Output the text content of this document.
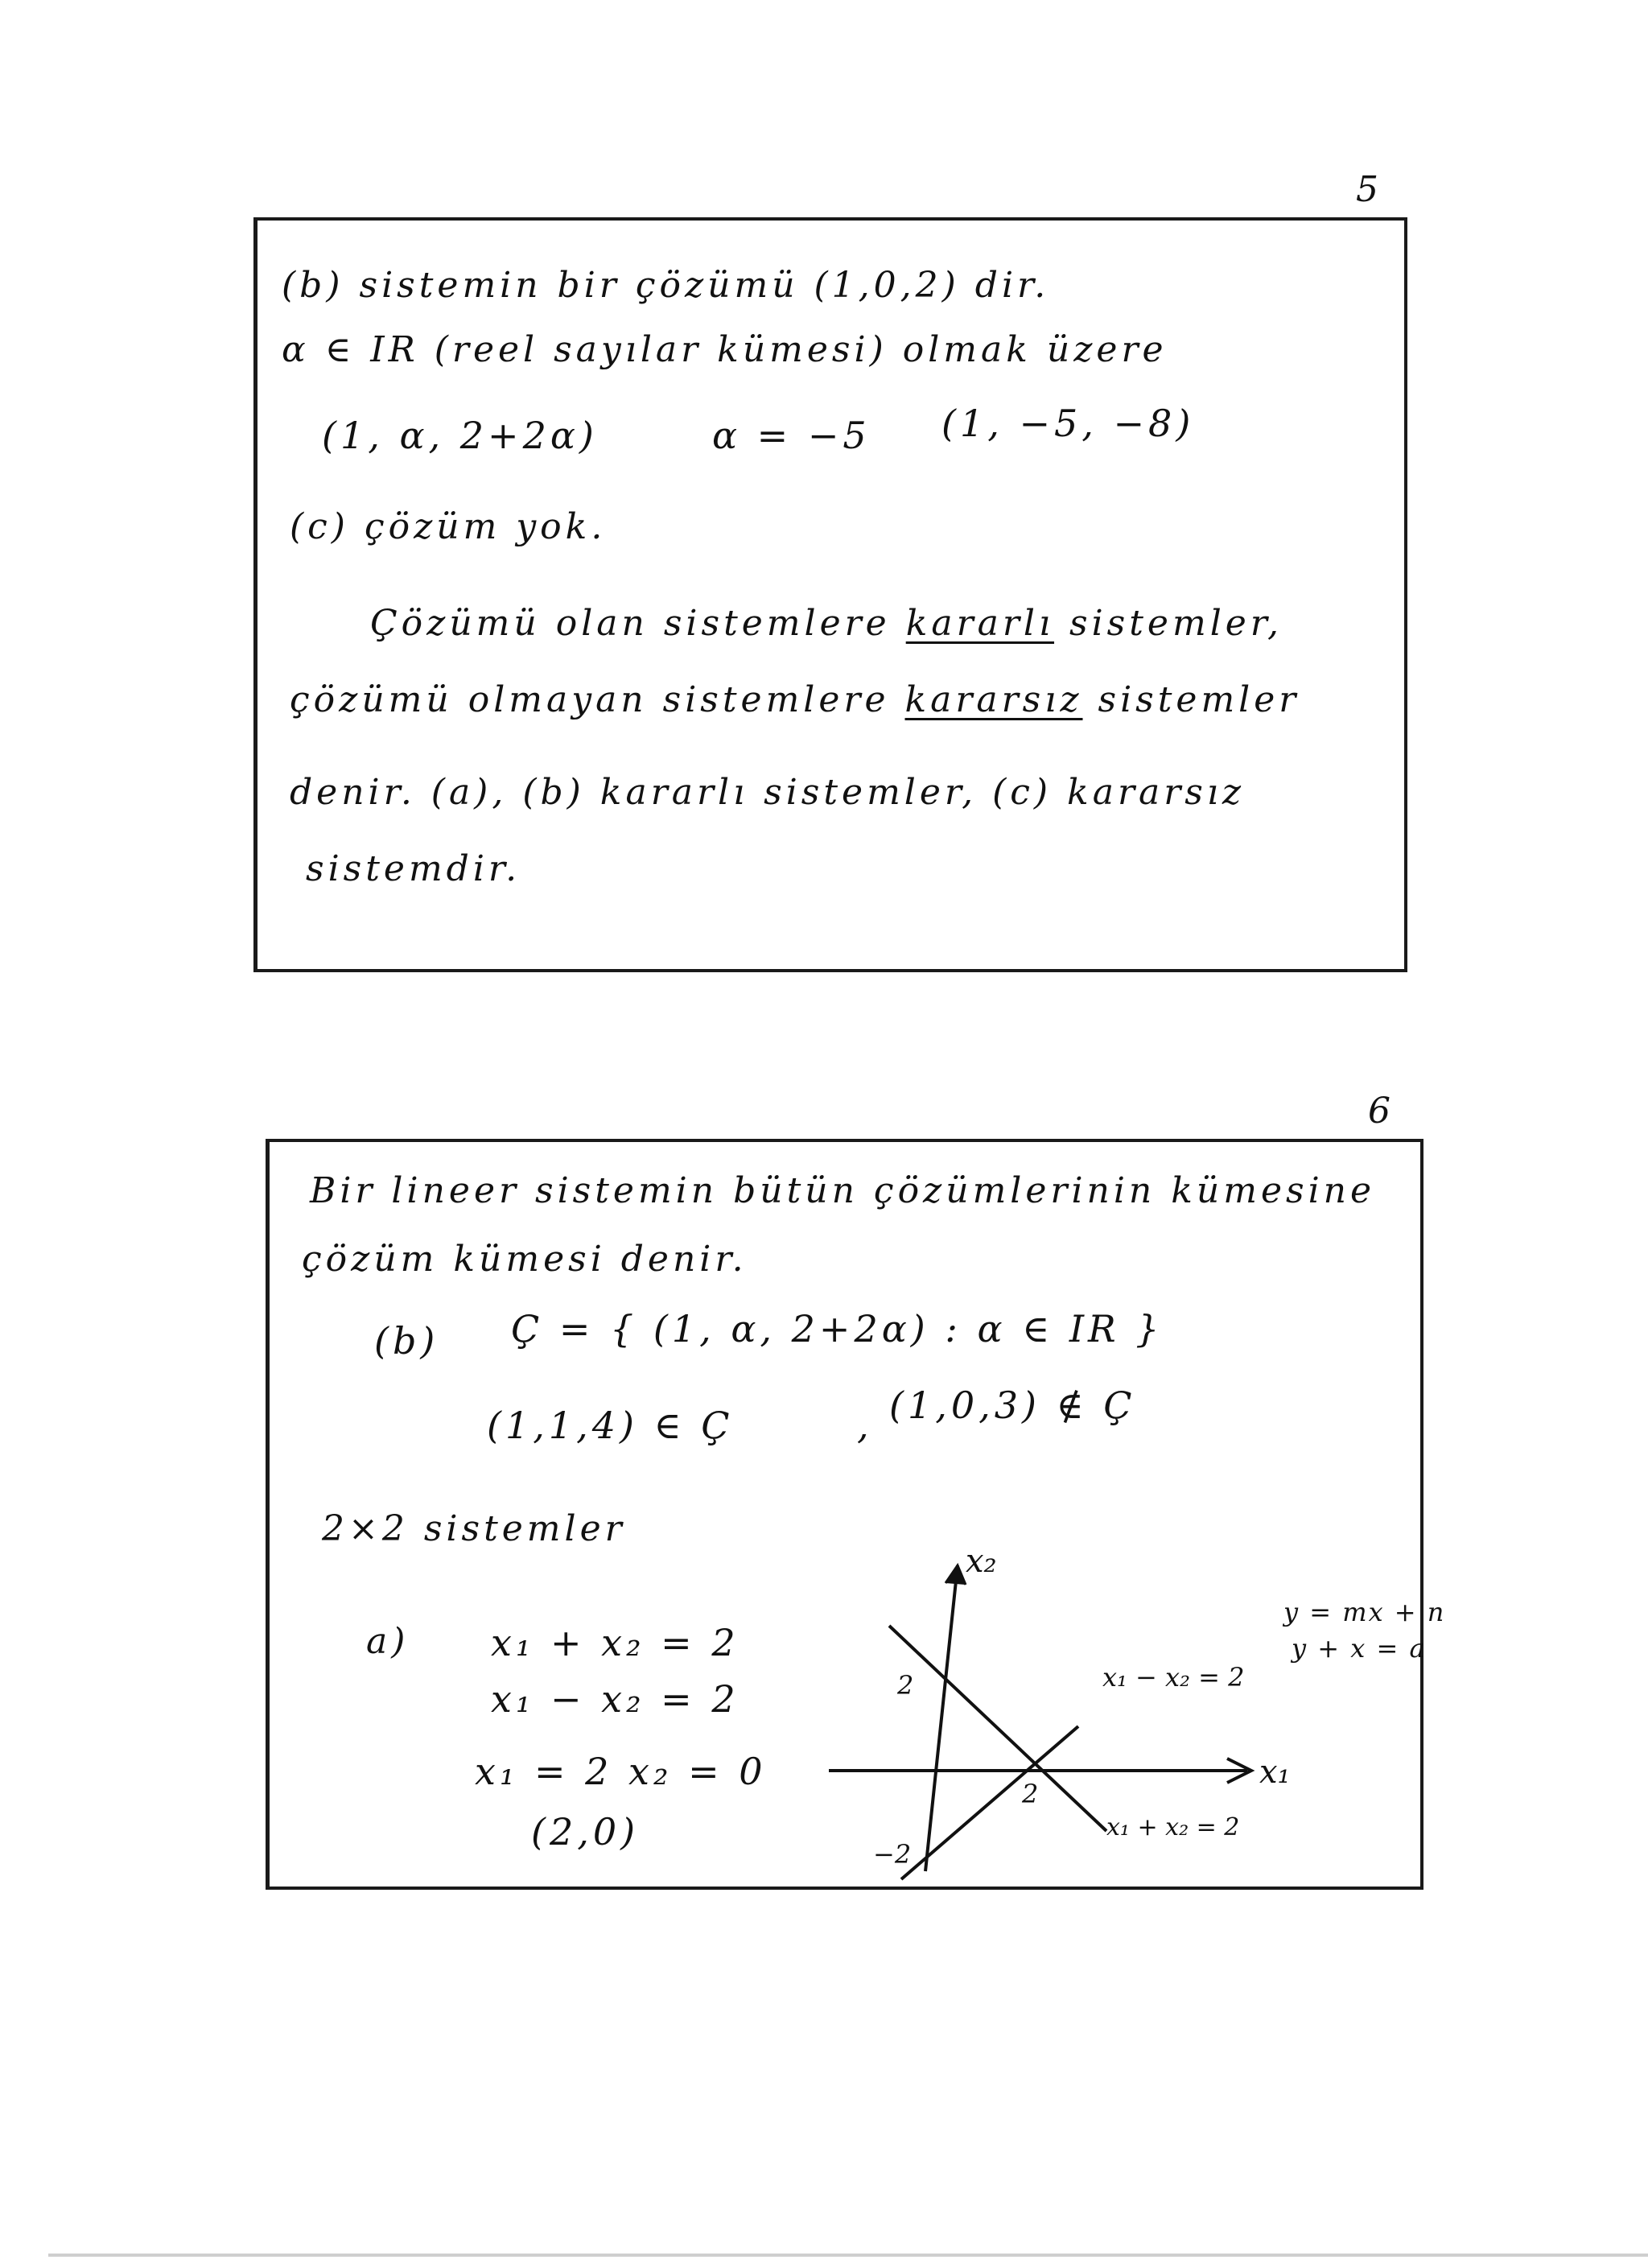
5
(b) sistemin bir çözümü (1,0,2) dir.
α ∈ IR (reel sayılar kümesi) olmak üzere
(1, α, 2+2α)	α = −5 (1, −5, −8)
(c) çözüm yok.
Çözümü olan sistemlere kararlı sistemler,
çözümü olmayan sistemlere kararsız sistemler
denir. (a), (b) kararlı sistemler, (c) kararsız
sistemdir.
6
Bir lineer sistemin bütün çözümlerinin kümesine
çözüm kümesi denir.
(b) Ç = { (1, α, 2+2α) : α ∈ IR }
(1,1,4) ∈ Ç	, (1,0,3) ∉ Ç
2×2 sistemler
a) x₁ + x₂ = 2
x₁ − x₂ = 2
x₁ = 2 x₂ = 0
(2,0)
y = mx + n
y + x = a
x₂
x₁
2
2
−2
x₁ − x₂ = 2
x₁ + x₂ = 2
